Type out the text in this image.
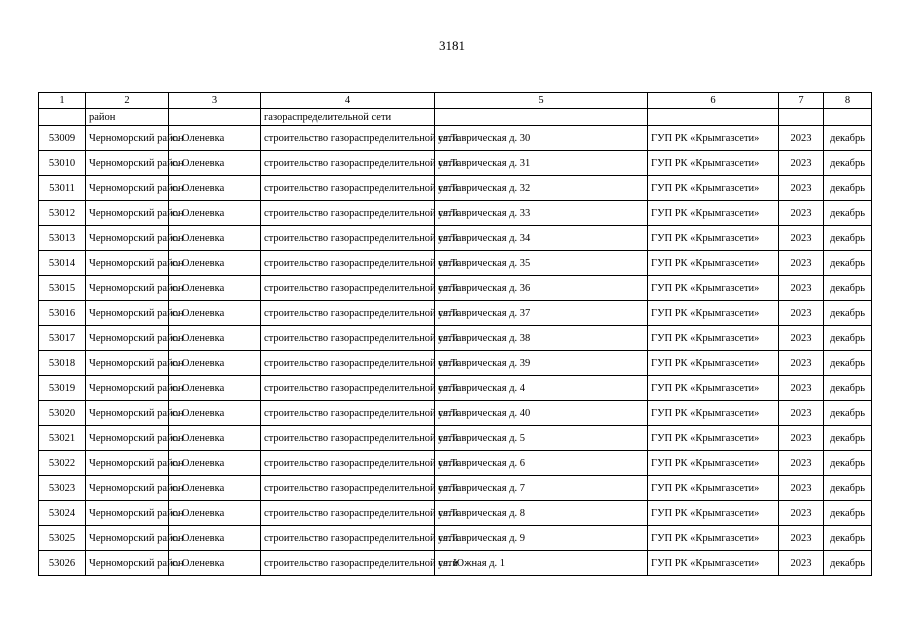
3181
1	2	3	4	5	6	7	8
	район		газораспределительной сети				
53009	Черноморский район	с. Оленевка	строительство газораспределительной сети	ул.Таврическая д. 30	ГУП РК «Крымгазсети»	2023	декабрь
53010	Черноморский район	с. Оленевка	строительство газораспределительной сети	ул.Таврическая д. 31	ГУП РК «Крымгазсети»	2023	декабрь
53011	Черноморский район	с. Оленевка	строительство газораспределительной сети	ул.Таврическая д. 32	ГУП РК «Крымгазсети»	2023	декабрь
53012	Черноморский район	с. Оленевка	строительство газораспределительной сети	ул.Таврическая д. 33	ГУП РК «Крымгазсети»	2023	декабрь
53013	Черноморский район	с. Оленевка	строительство газораспределительной сети	ул.Таврическая д. 34	ГУП РК «Крымгазсети»	2023	декабрь
53014	Черноморский район	с. Оленевка	строительство газораспределительной сети	ул.Таврическая д. 35	ГУП РК «Крымгазсети»	2023	декабрь
53015	Черноморский район	с. Оленевка	строительство газораспределительной сети	ул.Таврическая д. 36	ГУП РК «Крымгазсети»	2023	декабрь
53016	Черноморский район	с. Оленевка	строительство газораспределительной сети	ул.Таврическая д. 37	ГУП РК «Крымгазсети»	2023	декабрь
53017	Черноморский район	с. Оленевка	строительство газораспределительной сети	ул.Таврическая д. 38	ГУП РК «Крымгазсети»	2023	декабрь
53018	Черноморский район	с. Оленевка	строительство газораспределительной сети	ул.Таврическая д. 39	ГУП РК «Крымгазсети»	2023	декабрь
53019	Черноморский район	с. Оленевка	строительство газораспределительной сети	ул.Таврическая д. 4	ГУП РК «Крымгазсети»	2023	декабрь
53020	Черноморский район	с. Оленевка	строительство газораспределительной сети	ул.Таврическая д. 40	ГУП РК «Крымгазсети»	2023	декабрь
53021	Черноморский район	с. Оленевка	строительство газораспределительной сети	ул.Таврическая д. 5	ГУП РК «Крымгазсети»	2023	декабрь
53022	Черноморский район	с. Оленевка	строительство газораспределительной сети	ул.Таврическая д. 6	ГУП РК «Крымгазсети»	2023	декабрь
53023	Черноморский район	с. Оленевка	строительство газораспределительной сети	ул.Таврическая д. 7	ГУП РК «Крымгазсети»	2023	декабрь
53024	Черноморский район	с. Оленевка	строительство газораспределительной сети	ул.Таврическая д. 8	ГУП РК «Крымгазсети»	2023	декабрь
53025	Черноморский район	с. Оленевка	строительство газораспределительной сети	ул.Таврическая д. 9	ГУП РК «Крымгазсети»	2023	декабрь
53026	Черноморский район	с. Оленевка	строительство газораспределительной сети	ул. Южная д. 1	ГУП РК «Крымгазсети»	2023	декабрь
